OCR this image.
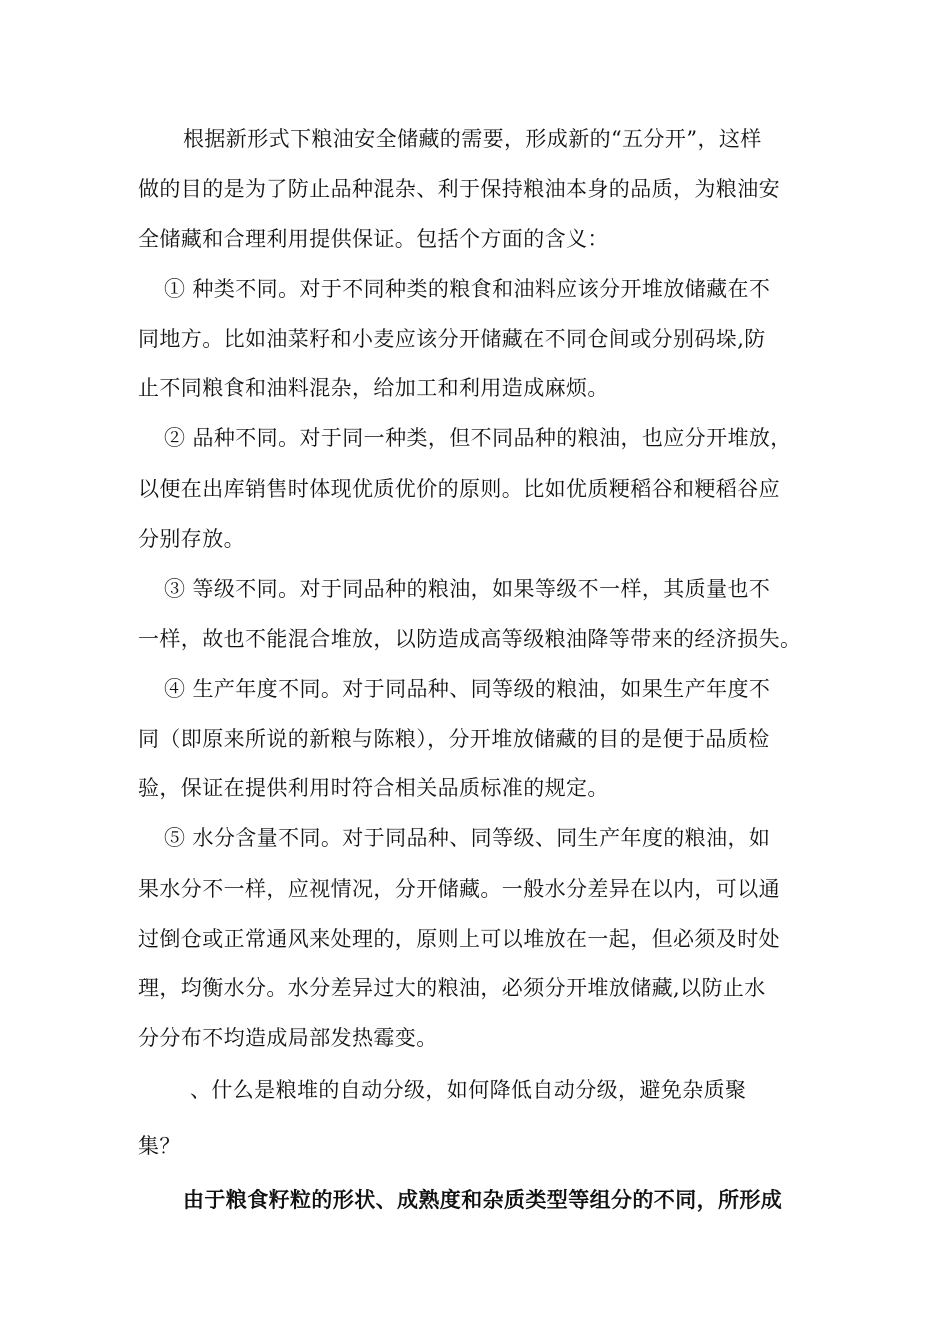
根据新形式下粮油安全储藏的需要，形成新的“五分开”，这样
做的目的是为了防止品种混杂、利于保持粮油本身的品质，为粮油安
全储藏和合理利用提供保证。包括个方面的含义：
① 种类不同。对于不同种类的粮食和油料应该分开堆放储藏在不
同地方。比如油菜籽和小麦应该分开储藏在不同仓间或分别码垛,防
止不同粮食和油料混杂，给加工和利用造成麻烦。
② 品种不同。对于同一种类，但不同品种的粮油，也应分开堆放，
以便在出库销售时体现优质优价的原则。比如优质粳稻谷和粳稻谷应
分别存放。
③ 等级不同。对于同品种的粮油，如果等级不一样，其质量也不
一样，故也不能混合堆放，以防造成高等级粮油降等带来的经济损失。
④ 生产年度不同。对于同品种、同等级的粮油，如果生产年度不
同（即原来所说的新粮与陈粮），分开堆放储藏的目的是便于品质检
验，保证在提供利用时符合相关品质标准的规定。
⑤ 水分含量不同。对于同品种、同等级、同生产年度的粮油，如
果水分不一样，应视情况，分开储藏。一般水分差异在以内，可以通
过倒仓或正常通风来处理的，原则上可以堆放在一起，但必须及时处
理，均衡水分。水分差异过大的粮油，必须分开堆放储藏,以防止水
分分布不均造成局部发热霉变。
、什么是粮堆的自动分级，如何降低自动分级，避免杂质聚
集？
由于粮食籽粒的形状、成熟度和杂质类型等组分的不同，所形成
